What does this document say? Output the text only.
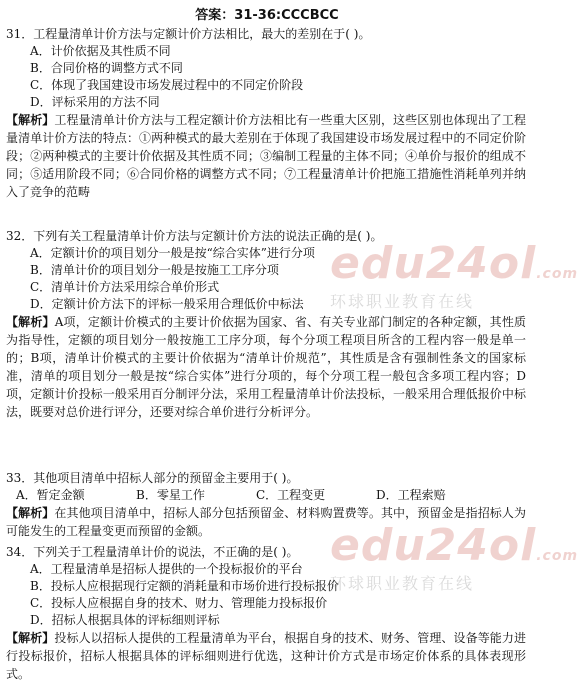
答案：31-36:CCCBCC

31．工程量清单计价方法与定额计价方法相比，最大的差别在于( )。

A．计价依据及其性质不同

B．合同价格的调整方式不同

C．体现了我国建设市场发展过程中的不同定价阶段

D．评标采用的方法不同

【解析】工程量清单计价方法与工程定额计价方法相比有一些重大区别，这些区别也体现出了工程量清单计价方法的特点：①两种模式的最大差别在于体现了我国建设市场发展过程中的不同定价阶段；②两种模式的主要计价依据及其性质不同；③编制工程量的主体不同；④单价与报价的组成不同；⑤适用阶段不同；⑥合同价格的调整方式不同；⑦工程量清单计价把施工措施性消耗单列并纳入了竞争的范畴

32．下列有关工程量清单计价方法与定额计价方法的说法正确的是( )。

A．定额计价的项目划分一般是按“综合实体”进行分项

B．清单计价的项目划分一般是按施工工序分项

C．清单计价方法采用综合单价形式

D．定额计价方法下的评标一般采用合理低价中标法

【解析】A项，定额计价模式的主要计价依据为国家、省、有关专业部门制定的各种定额，其性质为指导性，定额的项目划分一般按施工工序分项，每个分项工程项目所含的工程内容一般是单一的；B项，清单计价模式的主要计价依据为“清单计价规范”，其性质是含有强制性条文的国家标准，清单的项目划分一般是按“综合实体”进行分项的，每个分项工程一般包含多项工程内容；D项，定额计价投标一般采用百分制评分法，采用工程量清单计价法投标，一般采用合理低报价中标法，既要对总价进行评分，还要对综合单价进行分析评分。

33．其他项目清单中招标人部分的预留金主要用于( )。

A．暂定金额	B．零星工作	C．工程变更	D．工程索赔

【解析】在其他项目清单中，招标人部分包括预留金、材料购置费等。其中，预留金是指招标人为可能发生的工程量变更而预留的金额。

34．下列关于工程量清单计价的说法，不正确的是( )。

A．工程量清单是招标人提供的一个投标报价的平台

B．投标人应根据现行定额的消耗量和市场价进行投标报价

C．投标人应根据自身的技术、财力、管理能力投标报价

D．招标人根据具体的评标细则评标

【解析】投标人以招标人提供的工程量清单为平台，根据自身的技术、财务、管理、设备等能力进行投标报价，招标人根据具体的评标细则进行优选，这种计价方式是市场定价体系的具体表现形式。

edu24ol.com
环球职业教育在线
edu24ol.com
环球职业教育在线
